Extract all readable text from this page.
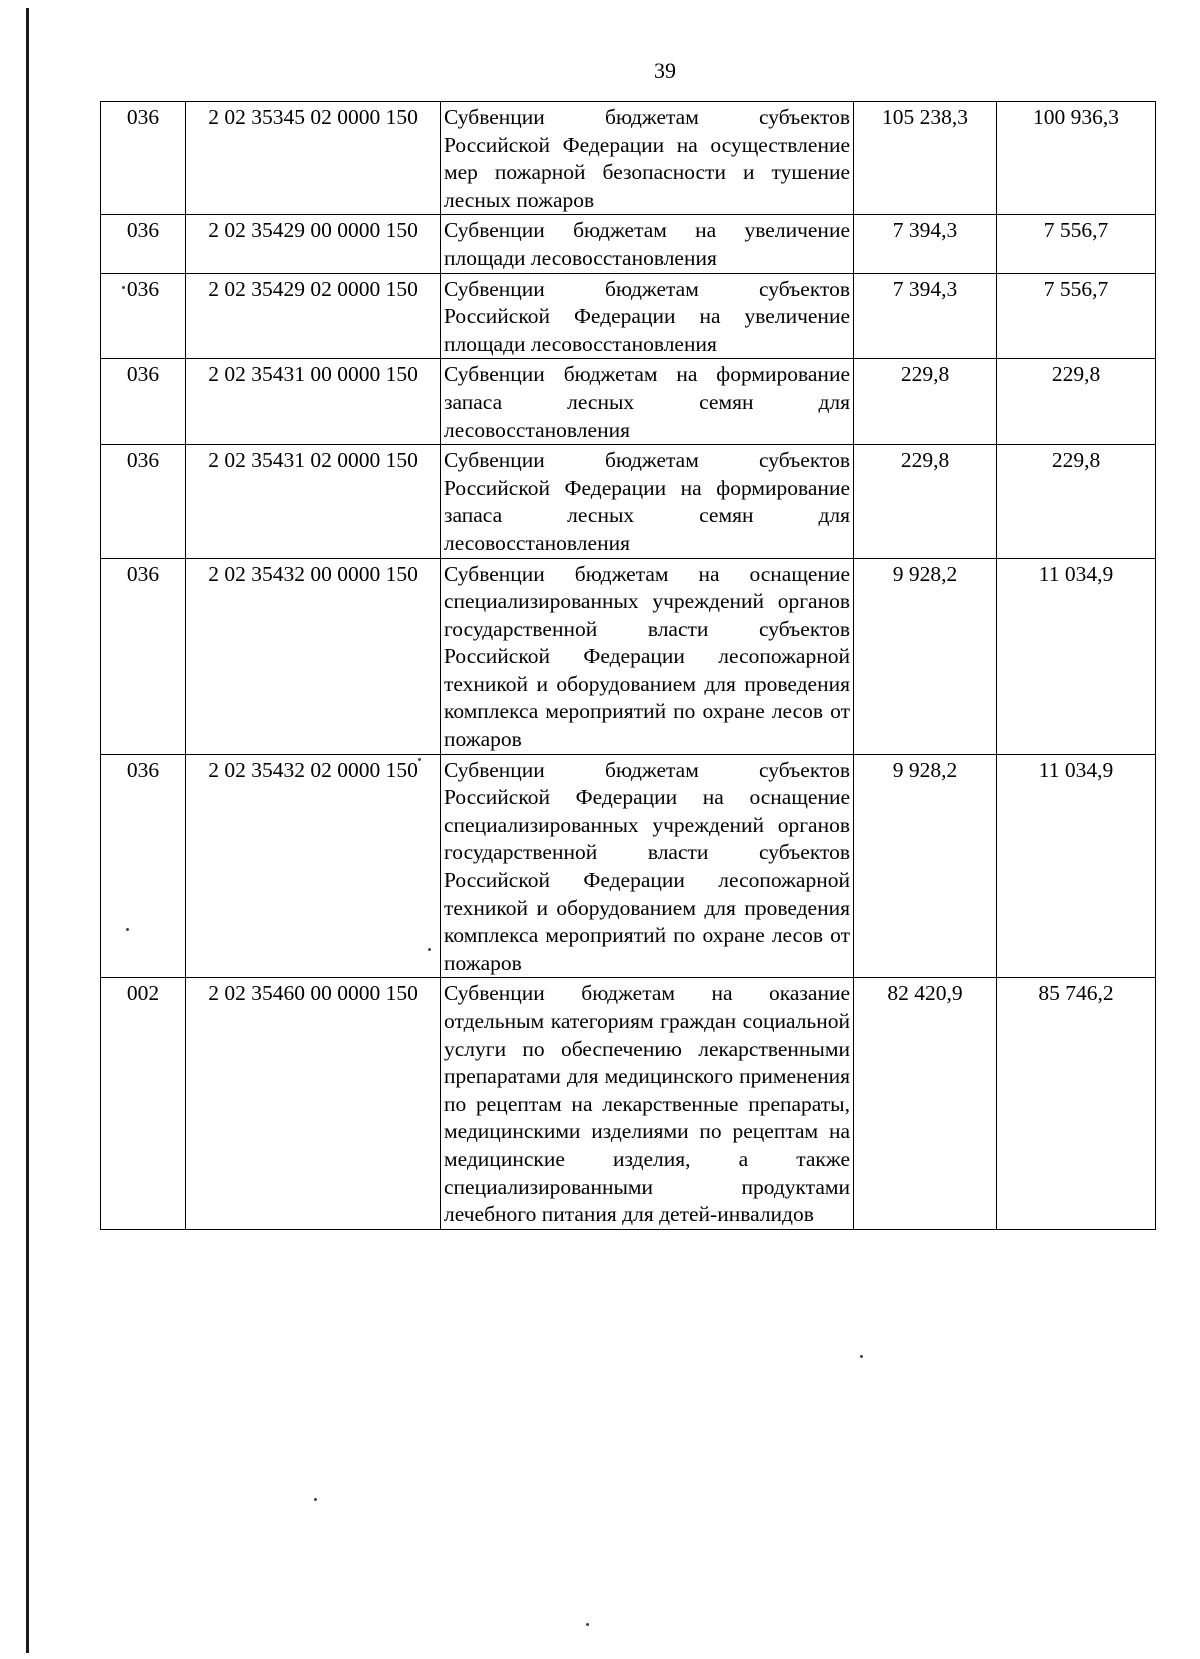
39
036	2 02 35345 02 0000 150	Субвенции бюджетам субъектов Российской Федерации на осуществление мер пожарной безопасности и тушение лесных пожаров	105 238,3	100 936,3
036	2 02 35429 00 0000 150	Субвенции бюджетам на увеличение площади лесовосстановления	7 394,3	7 556,7
036	2 02 35429 02 0000 150	Субвенции бюджетам субъектов Российской Федерации на увеличение площади лесовосстановления	7 394,3	7 556,7
036	2 02 35431 00 0000 150	Субвенции бюджетам на формирование запаса лесных семян для лесовосстановления	229,8	229,8
036	2 02 35431 02 0000 150	Субвенции бюджетам субъектов Российской Федерации на формирование запаса лесных семян для лесовосстановления	229,8	229,8
036	2 02 35432 00 0000 150	Субвенции бюджетам на оснащение специализированных учреждений органов государственной власти субъектов Российской Федерации лесопожарной техникой и оборудованием для проведения комплекса мероприятий по охране лесов от пожаров	9 928,2	11 034,9
036	2 02 35432 02 0000 150	Субвенции бюджетам субъектов Российской Федерации на оснащение специализированных учреждений органов государственной власти субъектов Российской Федерации лесопожарной техникой и оборудованием для проведения комплекса мероприятий по охране лесов от пожаров	9 928,2	11 034,9
002	2 02 35460 00 0000 150	Субвенции бюджетам на оказание отдельным категориям граждан социальной услуги по обеспечению лекарственными препаратами для медицинского применения по рецептам на лекарственные препараты, медицинскими изделиями по рецептам на медицинские изделия, а также специализированными продуктами лечебного питания для детей-инвалидов	82 420,9	85 746,2
